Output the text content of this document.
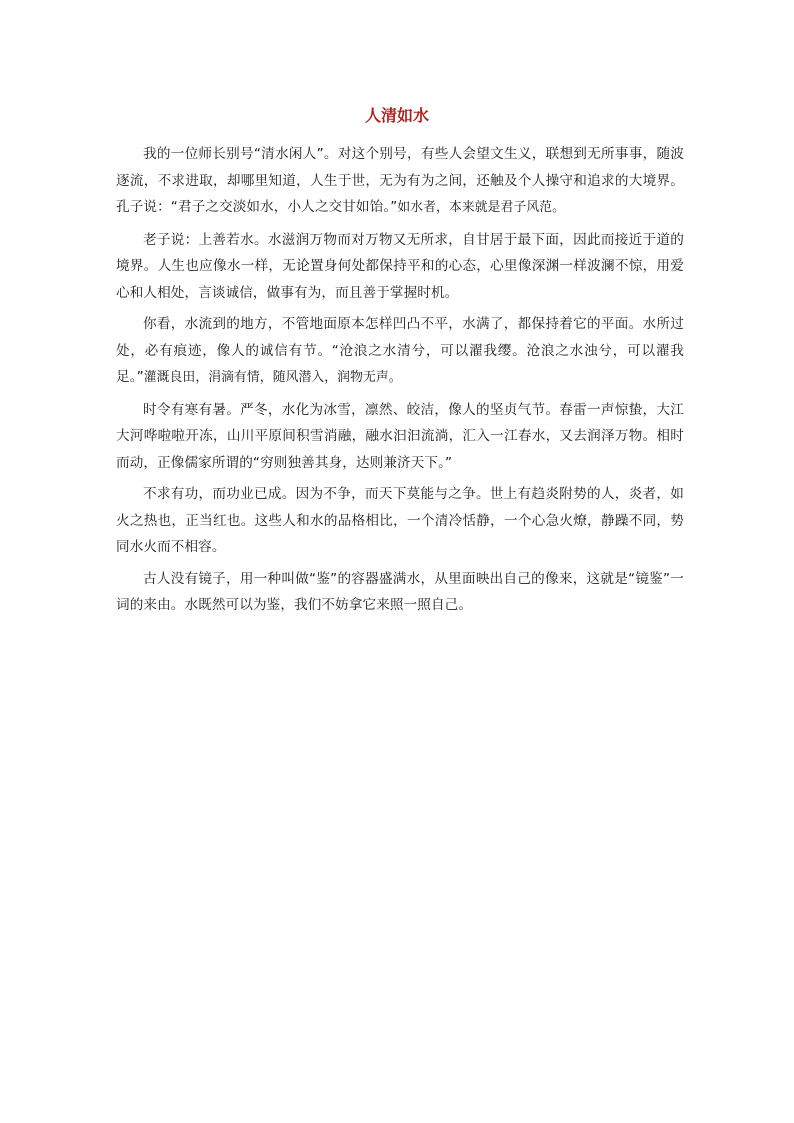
人清如水

我的一位师长别号“清水闲人”。对这个别号，有些人会望文生义，联想到无所事事，随波逐流，不求进取，却哪里知道，人生于世，无为有为之间，还触及个人操守和追求的大境界。孔子说：“君子之交淡如水，小人之交甘如饴。”如水者，本来就是君子风范。

老子说：上善若水。水滋润万物而对万物又无所求，自甘居于最下面，因此而接近于道的境界。人生也应像水一样，无论置身何处都保持平和的心态，心里像深渊一样波澜不惊，用爱心和人相处，言谈诚信，做事有为，而且善于掌握时机。

你看，水流到的地方，不管地面原本怎样凹凸不平，水满了，都保持着它的平面。水所过处，必有痕迹，像人的诚信有节。“沧浪之水清兮，可以濯我缨。沧浪之水浊兮，可以濯我足。”灌溉良田，涓滴有情，随风潜入，润物无声。

时令有寒有暑。严冬，水化为冰雪，凛然、皎洁，像人的坚贞气节。春雷一声惊蛰，大江大河哗啦啦开冻，山川平原间积雪消融，融水汩汩流淌，汇入一江春水，又去润泽万物。相时而动，正像儒家所谓的“穷则独善其身，达则兼济天下。”

不求有功，而功业已成。因为不争，而天下莫能与之争。世上有趋炎附势的人，炎者，如火之热也，正当红也。这些人和水的品格相比，一个清冷恬静，一个心急火燎，静躁不同，势同水火而不相容。

古人没有镜子，用一种叫做“鉴”的容器盛满水，从里面映出自己的像来，这就是“镜鉴”一词的来由。水既然可以为鉴，我们不妨拿它来照一照自己。
